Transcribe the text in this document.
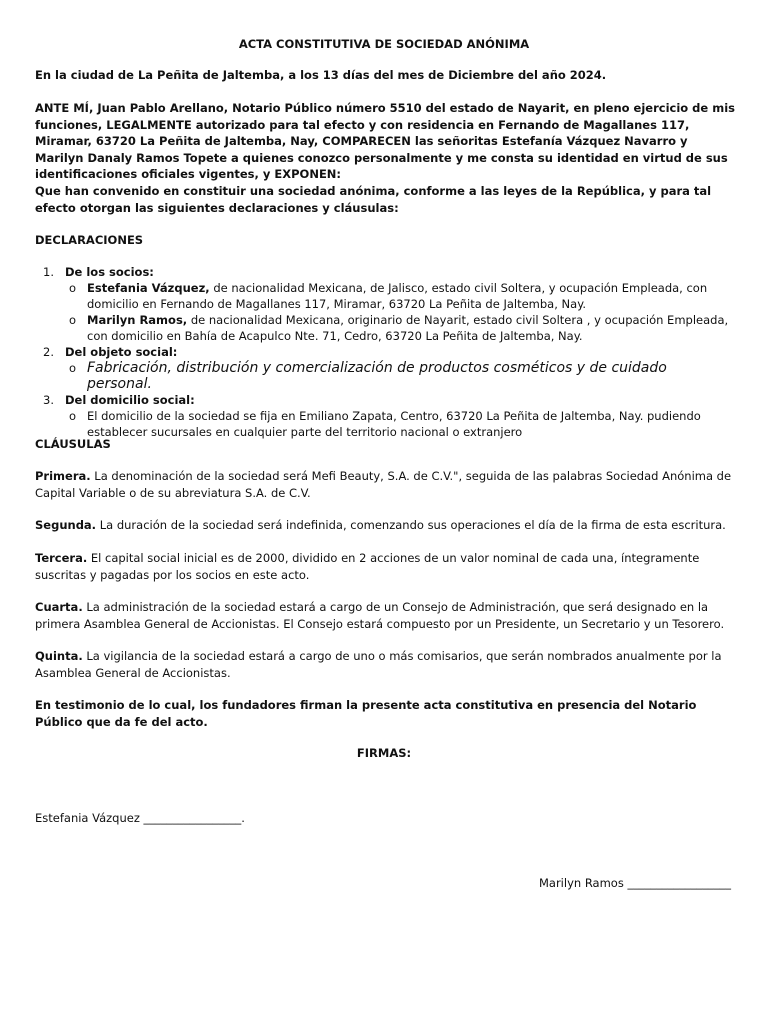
ACTA CONSTITUTIVA DE SOCIEDAD ANÓNIMA

En la ciudad de La Peñita de Jaltemba, a los 13 días del mes de Diciembre del año 2024.

ANTE MÍ, Juan Pablo Arellano, Notario Público número 5510 del estado de Nayarit, en pleno ejercicio de mis funciones, LEGALMENTE autorizado para tal efecto y con residencia en Fernando de Magallanes 117, Miramar, 63720 La Peñita de Jaltemba, Nay, COMPARECEN las señoritas Estefanía Vázquez Navarro y Marilyn Danaly Ramos Topete a quienes conozco personalmente y me consta su identidad en virtud de sus identificaciones oficiales vigentes, y EXPONEN:

Que han convenido en constituir una sociedad anónima, conforme a las leyes de la República, y para tal efecto otorgan las siguientes declaraciones y cláusulas:

DECLARACIONES
1. De los socios:
o Estefania Vázquez, de nacionalidad Mexicana, de Jalisco, estado civil Soltera, y ocupación Empleada, con domicilio en Fernando de Magallanes 117, Miramar, 63720 La Peñita de Jaltemba, Nay.
o Marilyn Ramos, de nacionalidad Mexicana, originario de Nayarit, estado civil Soltera , y ocupación Empleada, con domicilio en Bahía de Acapulco Nte. 71, Cedro, 63720 La Peñita de Jaltemba, Nay.
2. Del objeto social:
o Fabricación, distribución y comercialización de productos cosméticos y de cuidado personal.
3. Del domicilio social:
o El domicilio de la sociedad se fija en Emiliano Zapata, Centro, 63720 La Peñita de Jaltemba, Nay. pudiendo establecer sucursales en cualquier parte del territorio nacional o extranjero
CLÁUSULAS

Primera. La denominación de la sociedad será Mefi Beauty, S.A. de C.V.", seguida de las palabras Sociedad Anónima de Capital Variable o de su abreviatura S.A. de C.V.

Segunda. La duración de la sociedad será indefinida, comenzando sus operaciones el día de la firma de esta escritura.

Tercera. El capital social inicial es de 2000, dividido en 2 acciones de un valor nominal de cada una, íntegramente suscritas y pagadas por los socios en este acto.

Cuarta. La administración de la sociedad estará a cargo de un Consejo de Administración, que será designado en la primera Asamblea General de Accionistas. El Consejo estará compuesto por un Presidente, un Secretario y un Tesorero.

Quinta. La vigilancia de la sociedad estará a cargo de uno o más comisarios, que serán nombrados anualmente por la Asamblea General de Accionistas.

En testimonio de lo cual, los fundadores firman la presente acta constitutiva en presencia del Notario Público que da fe del acto.

FIRMAS:
Estefania Vázquez _________________.
Marilyn Ramos __________________
